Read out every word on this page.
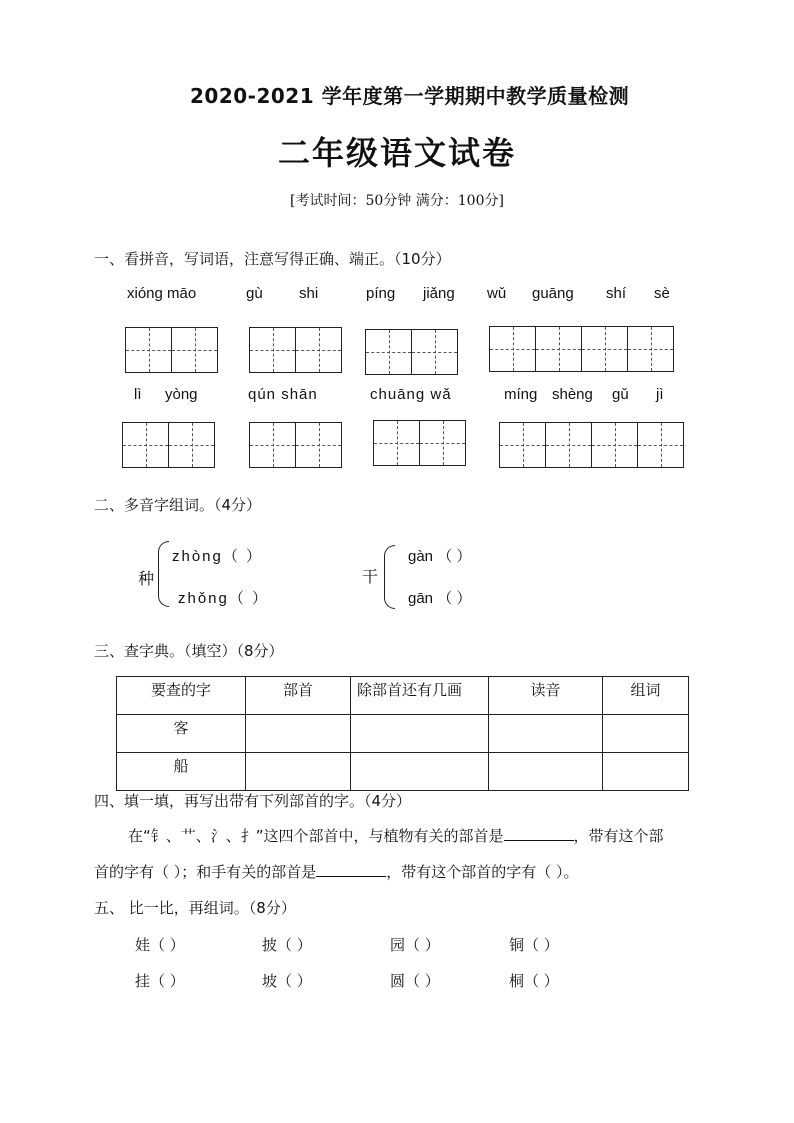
2020-2021 学年度第一学期期中教学质量检测
二年级语文试卷
[考试时间：50分钟 满分：100分]
一、看拼音，写词语，注意写得正确、端正。（10分）
xióng māo	gù shi	píng jiǎng wǔ guāng shí sè
lì yòng	qún shān	chuāng wǎ	míng shèng gǔ jì
二、多音字组词。（4分）
种
zhòng（ ）
zhǒng（ ）
干
gàn （ ）
gān （ ）
三、查字典。（填空）（8分）
要查的字	部首	除部首还有几画	读音	组词
客				
船				
四、填一填，再写出带有下列部首的字。（4分）
在“钅、艹、氵、扌”这四个部首中，与植物有关的部首是	，带有这个部
首的字有（ ）；和手有关的部首是	，带有这个部首的字有（ ）。
五、 比一比，再组词。（8分）
娃（ ）	披（ ）	园（ ）	铜（ ）
挂（ ）	坡（ ）	圆（ ）	桐（ ）
